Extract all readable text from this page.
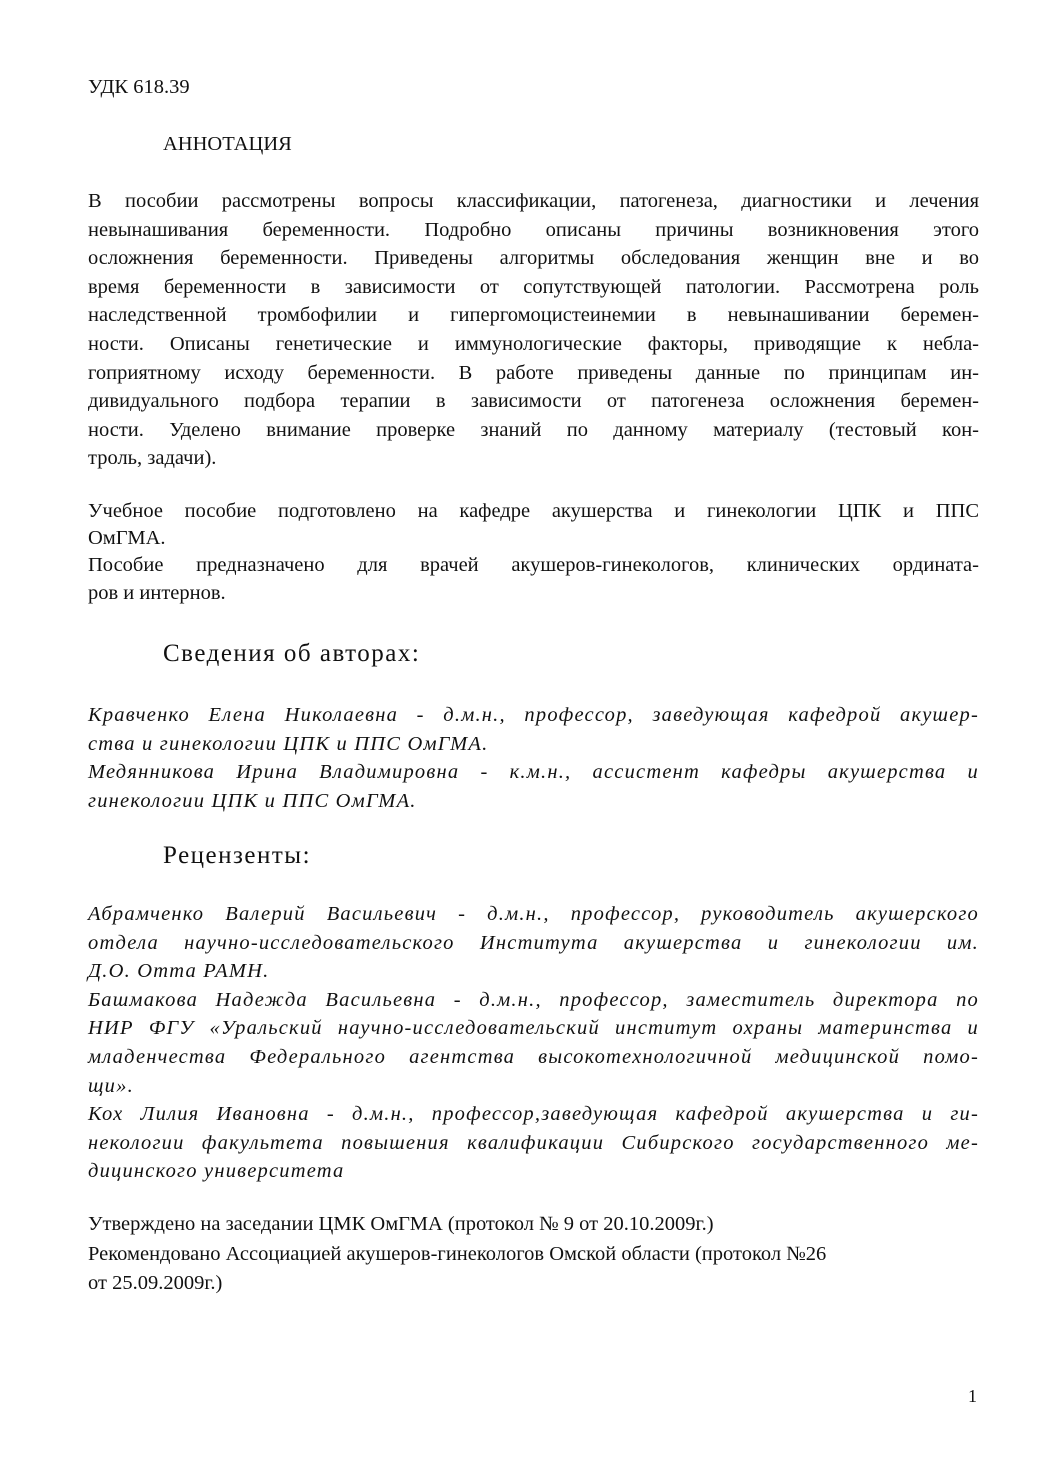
УДК 618.39

АННОТАЦИЯ
В пособии рассмотрены вопросы классификации, патогенеза, диагностики и лечения
невынашивания беременности. Подробно описаны причины возникновения этого
осложнения беременности. Приведены алгоритмы обследования женщин вне и во
время беременности в зависимости от сопутствующей патологии. Рассмотрена роль
наследственной тромбофилии и гипергомоцистеинемии в невынашивании беремен-
ности. Описаны генетические и иммунологические факторы, приводящие к небла-
гоприятному исходу беременности. В работе приведены данные по принципам ин-
дивидуального подбора терапии в зависимости от патогенеза осложнения беремен-
ности. Уделено внимание проверке знаний по данному материалу (тестовый кон-
троль, задачи).
Учебное пособие подготовлено на кафедре акушерства и гинекологии ЦПК и ППС
ОмГМА.
Пособие предназначено для врачей акушеров-гинекологов, клинических ордината-
ров и интернов.
Сведения об авторах:
Кравченко Елена Николаевна - д.м.н., профессор, заведующая кафедрой акушер-
ства и гинекологии ЦПК и ППС ОмГМА.
Медянникова Ирина Владимировна - к.м.н., ассистент кафедры акушерства и
гинекологии ЦПК и ППС ОмГМА.
Рецензенты:
Абрамченко Валерий Васильевич - д.м.н., профессор, руководитель акушерского
отдела научно-исследовательского Института акушерства и гинекологии им.
Д.О. Отта РАМН.
Башмакова Надежда Васильевна - д.м.н., профессор, заместитель директора по
НИР ФГУ «Уральский научно-исследовательский институт охраны материнства и
младенчества Федерального агентства высокотехнологичной медицинской помо-
щи».
Кох Лилия Ивановна - д.м.н., профессор,заведующая кафедрой акушерства и ги-
некологии факультета повышения квалификации Сибирского государственного ме-
дицинского университета
Утверждено на заседании ЦМК ОмГМА (протокол № 9 от 20.10.2009г.)
Рекомендовано Ассоциацией акушеров-гинекологов Омской области (протокол №26
от 25.09.2009г.)
1
